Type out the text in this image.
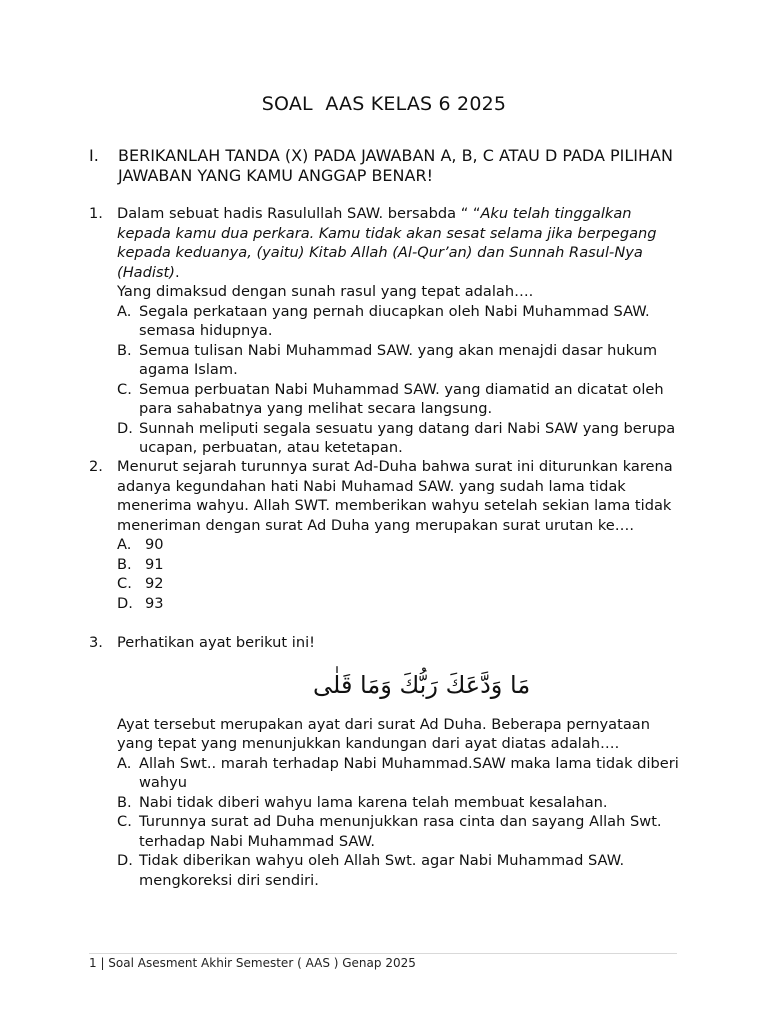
SOAL  AAS KELAS 6 2025
I. BERIKANLAH TANDA (X) PADA JAWABAN A, B, C ATAU D PADA PILIHAN JAWABAN YANG KAMU ANGGAP BENAR!
1. Dalam sebuat hadis Rasulullah SAW. bersabda “ “Aku telah tinggalkan kepada kamu dua perkara. Kamu tidak akan sesat selama jika berpegang kepada keduanya, (yaitu) Kitab Allah (Al-Qur’an) dan Sunnah Rasul-Nya (Hadist).
Yang dimaksud dengan sunah rasul yang tepat adalah….
A. Segala perkataan yang pernah diucapkan oleh Nabi Muhammad SAW. semasa hidupnya.
B. Semua tulisan Nabi Muhammad SAW. yang akan menajdi dasar hukum agama Islam.
C. Semua perbuatan Nabi Muhammad SAW. yang diamatid an dicatat oleh para sahabatnya yang melihat secara langsung.
D. Sunnah meliputi segala sesuatu yang datang dari Nabi SAW yang berupa ucapan, perbuatan, atau ketetapan.
2. Menurut sejarah turunnya surat Ad-Duha bahwa surat ini diturunkan karena adanya kegundahan hati Nabi Muhamad SAW. yang sudah lama tidak menerima wahyu. Allah SWT. memberikan wahyu setelah sekian lama tidak meneriman dengan surat Ad Duha yang merupakan surat urutan ke….
A. 90
B. 91
C. 92
D. 93
3. Perhatikan ayat berikut ini!
مَا وَدَّعَكَ رَبُّكَ وَمَا قَلٰى
Ayat tersebut merupakan ayat dari surat Ad Duha. Beberapa pernyataan yang tepat yang menunjukkan kandungan dari ayat diatas adalah….
A. Allah Swt.. marah terhadap Nabi Muhammad.SAW maka lama tidak diberi wahyu
B. Nabi tidak diberi wahyu lama karena telah membuat kesalahan.
C. Turunnya surat ad Duha menunjukkan rasa cinta dan sayang Allah Swt. terhadap Nabi Muhammad SAW.
D. Tidak diberikan wahyu oleh Allah Swt. agar Nabi Muhammad SAW. mengkoreksi diri sendiri.
1 | Soal Asesment Akhir Semester ( AAS ) Genap 2025
